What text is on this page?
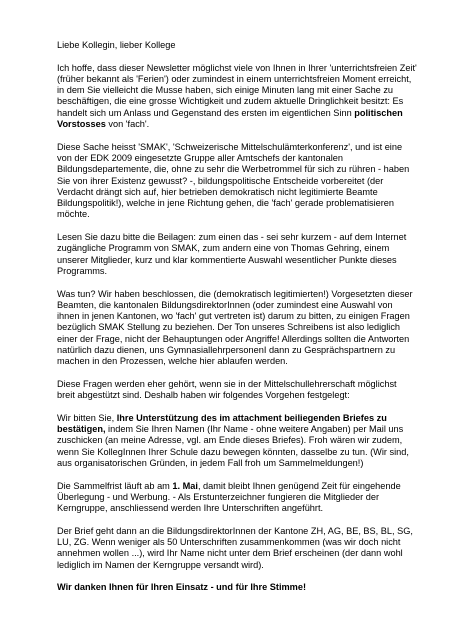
Liebe Kollegin, lieber Kollege

Ich hoffe, dass dieser Newsletter möglichst viele von Ihnen in Ihrer 'unterrichtsfreien Zeit' (früher bekannt als 'Ferien') oder zumindest in einem unterrichtsfreien Moment erreicht, in dem Sie vielleicht die Musse haben, sich einige Minuten lang mit einer Sache zu beschäftigen, die eine grosse Wichtigkeit und zudem aktuelle Dringlichkeit besitzt: Es handelt sich um Anlass und Gegenstand des ersten im eigentlichen Sinn politischen Vorstosses von 'fach'.

Diese Sache heisst 'SMAK', 'Schweizerische Mittelschulämterkonferenz', und ist eine von der EDK 2009 eingesetzte Gruppe aller Amtschefs der kantonalen Bildungsdepartemente, die, ohne zu sehr die Werbetrommel für sich zu rühren - haben Sie von ihrer Existenz gewusst? -, bildungspolitische Entscheide vorbereitet (der Verdacht drängt sich auf, hier betrieben demokratisch nicht legitimierte Beamte Bildungspolitik!), welche in jene Richtung gehen, die 'fach' gerade problematisieren möchte.

Lesen Sie dazu bitte die Beilagen: zum einen das - sei sehr kurzem - auf dem Internet zugängliche Programm von SMAK, zum andern eine von Thomas Gehring, einem unserer Mitglieder, kurz und klar kommentierte Auswahl wesentlicher Punkte dieses Programms.

Was tun? Wir haben beschlossen, die (demokratisch legitimierten!) Vorgesetzten dieser Beamten, die kantonalen BildungsdirektorInnen (oder zumindest eine Auswahl von ihnen in jenen Kantonen, wo 'fach' gut vertreten ist) darum zu bitten, zu einigen Fragen bezüglich SMAK Stellung zu beziehen. Der Ton unseres Schreibens ist also lediglich einer der Frage, nicht der Behauptungen oder Angriffe! Allerdings sollten die Antworten natürlich dazu dienen, uns GymnasiallehrpersonenI dann zu Gesprächspartnern zu machen in den Prozessen, welche hier ablaufen werden.

Diese Fragen werden eher gehört, wenn sie in der Mittelschullehrerschaft möglichst breit abgestützt sind. Deshalb haben wir folgendes Vorgehen festgelegt:

Wir bitten Sie, Ihre Unterstützung des im attachment beiliegenden Briefes zu bestätigen, indem Sie Ihren Namen (Ihr Name - ohne weitere Angaben) per Mail uns zuschicken (an meine Adresse, vgl. am Ende dieses Briefes). Froh wären wir zudem, wenn Sie KollegInnen Ihrer Schule dazu bewegen könnten, dasselbe zu tun. (Wir sind, aus organisatorischen Gründen, in jedem Fall froh um Sammelmeldungen!)

Die Sammelfrist läuft ab am 1. Mai, damit bleibt Ihnen genügend Zeit für eingehende Überlegung - und Werbung. - Als Erstunterzeichner fungieren die Mitglieder der Kerngruppe, anschliessend werden Ihre Unterschriften angeführt.

Der Brief geht dann an die BildungsdirektorInnen der Kantone ZH, AG, BE, BS, BL, SG, LU, ZG. Wenn weniger als 50 Unterschriften zusammenkommen (was wir doch nicht annehmen wollen ...), wird Ihr Name nicht unter dem Brief erscheinen (der dann wohl lediglich im Namen der Kerngruppe versandt wird).

Wir danken Ihnen für Ihren Einsatz - und für Ihre Stimme!
